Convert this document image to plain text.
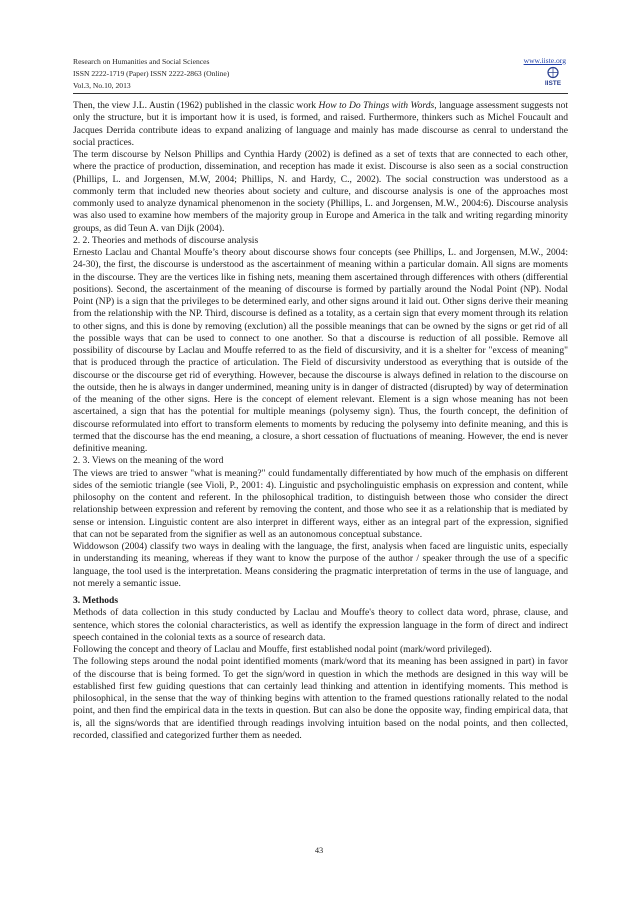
Research on Humanities and Social Sciences	www.iiste.org
ISSN 2222-1719 (Paper) ISSN 2222-2863 (Online)
Vol.3, No.10, 2013	IISTE

Then, the view J.L. Austin (1962) published in the classic work How to Do Things with Words, language assessment suggests not only the structure, but it is important how it is used, is formed, and raised. Furthermore, thinkers such as Michel Foucault and Jacques Derrida contribute ideas to expand analizing of language and mainly has made discourse as cenral to understand the social practices.

The term discourse by Nelson Phillips and Cynthia Hardy (2002) is defined as a set of texts that are connected to each other, where the practice of production, dissemination, and reception has made it exist. Discourse is also seen as a social construction (Phillips, L. and Jorgensen, M.W, 2004; Phillips, N. and Hardy, C., 2002). The social construction was understood as a commonly term that included new theories about society and culture, and discourse analysis is one of the approaches most commonly used to analyze dynamical phenomenon in the society (Phillips, L. and Jorgensen, M.W., 2004:6). Discourse analysis was also used to examine how members of the majority group in Europe and America in the talk and writing regarding minority groups, as did Teun A. van Dijk (2004).

2. 2. Theories and methods of discourse analysis

Ernesto Laclau and Chantal Mouffe’s theory about discourse shows four concepts (see Phillips, L. and Jorgensen, M.W., 2004: 24-30), the first, the discourse is understood as the ascertainment of meaning within a particular domain. All signs are moments in the discourse. They are the vertices like in fishing nets, meaning them ascertained through differences with others (differential positions). Second, the ascertainment of the meaning of discourse is formed by partially around the Nodal Point (NP). Nodal Point (NP) is a sign that the privileges to be determined early, and other signs around it laid out. Other signs derive their meaning from the relationship with the NP. Third, discourse is defined as a totality, as a certain sign that every moment through its relation to other signs, and this is done by removing (exclution) all the possible meanings that can be owned by the signs or get rid of all the possible ways that can be used to connect to one another. So that a discourse is reduction of all possible. Remove all possibility of discourse by Laclau and Mouffe referred to as the field of discursivity, and it is a shelter for "excess of meaning" that is produced through the practice of articulation. The Field of discursivity understood as everything that is outside of the discourse or the discourse get rid of everything. However, because the discourse is always defined in relation to the discourse on the outside, then he is always in danger undermined, meaning unity is in danger of distracted (disrupted) by way of determination of the meaning of the other signs. Here is the concept of element relevant. Element is a sign whose meaning has not been ascertained, a sign that has the potential for multiple meanings (polysemy sign). Thus, the fourth concept, the definition of discourse reformulated into effort to transform elements to moments by reducing the polysemy into definite meaning, and this is termed that the discourse has the end meaning, a closure, a short cessation of fluctuations of meaning. However, the end is never definitive meaning.

2. 3. Views on the meaning of the word

The views are tried to answer "what is meaning?" could fundamentally differentiated by how much of the emphasis on different sides of the semiotic triangle (see Violi, P., 2001: 4). Linguistic and psycholinguistic emphasis on expression and content, while philosophy on the content and referent. In the philosophical tradition, to distinguish between those who consider the direct relationship between expression and referent by removing the content, and those who see it as a relationship that is mediated by sense or intension. Linguistic content are also interpret in different ways, either as an integral part of the expression, signified that can not be separated from the signifier as well as an autonomous conceptual substance.

Widdowson (2004) classify two ways in dealing with the language, the first, analysis when faced are linguistic units, especially in understanding its meaning, whereas if they want to know the purpose of the author / speaker through the use of a specific language, the tool used is the interpretation. Means considering the pragmatic interpretation of terms in the use of language, and not merely a semantic issue.

3. Methods

Methods of data collection in this study conducted by Laclau and Mouffe's theory to collect data word, phrase, clause, and sentence, which stores the colonial characteristics, as well as identify the expression language in the form of direct and indirect speech contained in the colonial texts as a source of research data.

Following the concept and theory of Laclau and Mouffe, first established nodal point (mark/word privileged).

The following steps around the nodal point identified moments (mark/word that its meaning has been assigned in part) in favor of the discourse that is being formed. To get the sign/word in question in which the methods are designed in this way will be established first few guiding questions that can certainly lead thinking and attention in identifying moments. This method is philosophical, in the sense that the way of thinking begins with attention to the framed questions rationally related to the nodal point, and then find the empirical data in the texts in question. But can also be done the opposite way, finding empirical data, that is, all the signs/words that are identified through readings involving intuition based on the nodal points, and then collected, recorded, classified and categorized further them as needed.

43
